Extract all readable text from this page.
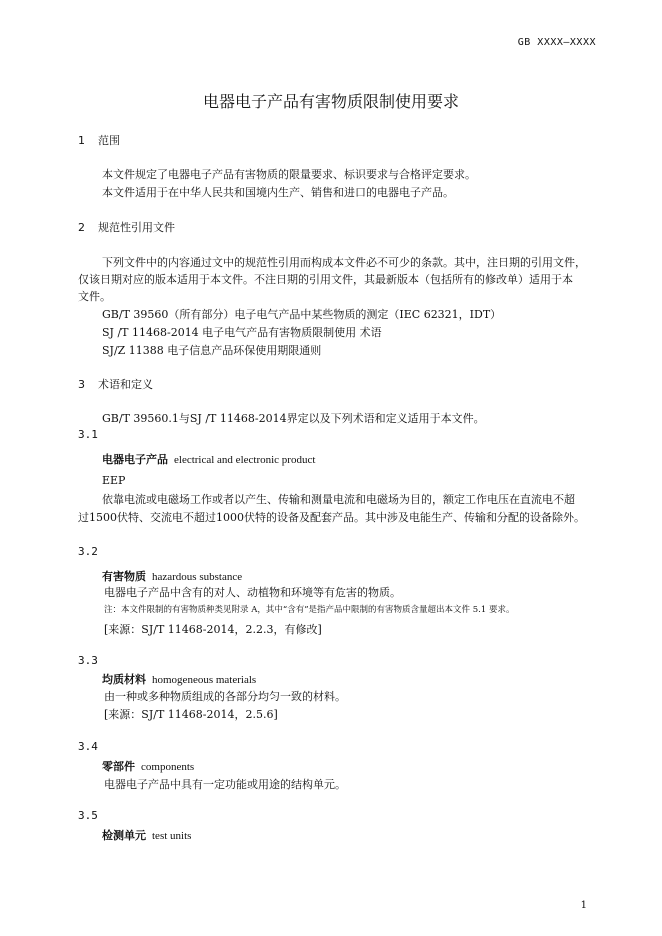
GB XXXX—XXXX
电器电子产品有害物质限制使用要求
1 范围
本文件规定了电器电子产品有害物质的限量要求、标识要求与合格评定要求。
本文件适用于在中华人民共和国境内生产、销售和进口的电器电子产品。
2 规范性引用文件
下列文件中的内容通过文中的规范性引用而构成本文件必不可少的条款。其中，注日期的引用文件，
仅该日期对应的版本适用于本文件。不注日期的引用文件，其最新版本（包括所有的修改单）适用于本
文件。
GB/T 39560（所有部分）电子电气产品中某些物质的测定（IEC 62321，IDT）
SJ /T 11468-2014 电子电气产品有害物质限制使用 术语
SJ/Z 11388 电子信息产品环保使用期限通则
3 术语和定义
GB/T 39560.1与SJ /T 11468-2014界定以及下列术语和定义适用于本文件。
3.1
电器电子产品 electrical and electronic product
EEP
依靠电流或电磁场工作或者以产生、传输和测量电流和电磁场为目的，额定工作电压在直流电不超
过1500伏特、交流电不超过1000伏特的设备及配套产品。其中涉及电能生产、传输和分配的设备除外。
3.2
有害物质 hazardous substance
电器电子产品中含有的对人、动植物和环境等有危害的物质。
注：本文件限制的有害物质种类见附录 A，其中“含有”是指产品中限制的有害物质含量超出本文件 5.1 要求。
[来源：SJ/T 11468-2014，2.2.3，有修改]
3.3
均质材料 homogeneous materials
由一种或多种物质组成的各部分均匀一致的材料。
[来源：SJ/T 11468-2014，2.5.6]
3.4
零部件 components
电器电子产品中具有一定功能或用途的结构单元。
3.5
检测单元 test units
1
